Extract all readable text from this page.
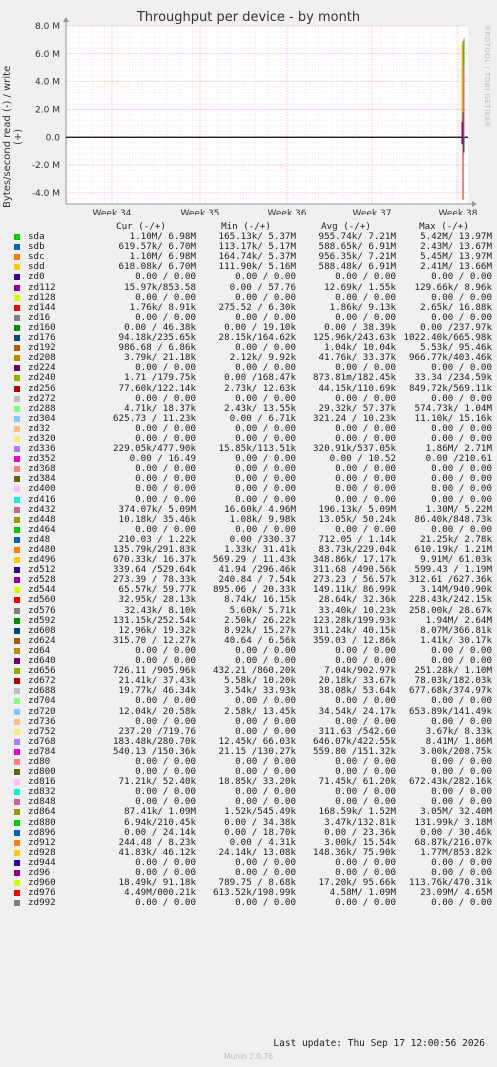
Throughput per device - by month
Bytes/second read (-) / write (+)
RRDTOOL / TOBI OETIKER
8.0 M
6.0 M
4.0 M
2.0 M
0.0
-2.0 M
-4.0 M
Week 34	Week 35	Week 36	Week 37	Week 38
Cur (-/+)	Min (-/+)	Avg (-/+)	Max (-/+)
sda	1.10M/ 6.98M	165.13k/ 5.37M	955.74k/ 7.21M	5.42M/ 13.97M
sdb	619.57k/ 6.70M	113.17k/ 5.17M	588.65k/ 6.91M	2.43M/ 13.67M
sdc	1.10M/ 6.98M	164.74k/ 5.37M	956.35k/ 7.21M	5.45M/ 13.97M
sdd	618.08k/ 6.70M	111.90k/ 5.16M	588.48k/ 6.91M	2.41M/ 13.66M
zd0	0.00 / 0.00	0.00 / 0.00	0.00 / 0.00	0.00 / 0.00
zd112	15.97k/853.58	0.00 / 57.76	12.69k/ 1.55k	129.66k/ 8.96k
zd128	0.00 / 0.00	0.00 / 0.00	0.00 / 0.00	0.00 / 0.00
zd144	1.76k/ 8.91k	275.52 / 6.30k	1.86k/ 9.13k	2.65k/ 16.88k
zd16	0.00 / 0.00	0.00 / 0.00	0.00 / 0.00	0.00 / 0.00
zd160	0.00 / 46.38k	0.00 / 19.10k	0.00 / 38.39k	0.00 /237.97k
zd176	94.18k/235.65k	28.15k/164.62k	125.96k/243.63k 1022.40k/665.98k
zd192	986.68 / 6.86k	0.00 / 0.00	1.04k/ 10.04k	5.53k/ 95.46k
zd208	3.79k/ 21.18k	2.12k/ 9.92k	41.76k/ 33.37k	966.77k/403.46k
zd224	0.00 / 0.00	0.00 / 0.00	0.00 / 0.00	0.00 / 0.00
zd240	1.71 /179.75k	0.00 /168.47k	873.81m/182.45k	33.34 /234.59k
zd256	77.60k/122.14k	2.73k/ 12.63k	44.15k/110.69k	849.72k/569.11k
zd272	0.00 / 0.00	0.00 / 0.00	0.00 / 0.00	0.00 / 0.00
zd288	4.71k/ 18.37k	2.43k/ 13.55k	29.32k/ 57.37k	574.73k/ 1.04M
zd304	625.73 / 11.23k	0.00 / 6.71k	321.24 / 10.23k	11.10k/ 15.16k
zd32	0.00 / 0.00	0.00 / 0.00	0.00 / 0.00	0.00 / 0.00
zd320	0.00 / 0.00	0.00 / 0.00	0.00 / 0.00	0.00 / 0.00
zd336	229.05k/477.90k	15.85k/113.51k	320.91k/537.05k	1.86M/ 2.71M
zd352	0.00 / 16.49	0.00 / 0.00	0.00 / 10.52	0.00 /210.61
zd368	0.00 / 0.00	0.00 / 0.00	0.00 / 0.00	0.00 / 0.00
zd384	0.00 / 0.00	0.00 / 0.00	0.00 / 0.00	0.00 / 0.00
zd400	0.00 / 0.00	0.00 / 0.00	0.00 / 0.00	0.00 / 0.00
zd416	0.00 / 0.00	0.00 / 0.00	0.00 / 0.00	0.00 / 0.00
zd432	374.07k/ 5.09M	16.60k/ 4.96M	196.13k/ 5.09M	1.30M/ 5.22M
zd448	10.18k/ 35.46k	1.08k/ 9.98k	13.05k/ 50.24k	86.40k/848.73k
zd464	0.00 / 0.00	0.00 / 0.00	0.00 / 0.00	0.00 / 0.00
zd48	210.03 / 1.22k	0.00 /330.37	712.05 / 1.14k	21.25k/ 2.78k
zd480	135.79k/291.83k	1.33k/ 31.41k	83.73k/229.04k	610.19k/ 1.21M
zd496	670.33k/ 16.37k	569.29 / 11.43k	348.86k/ 17.17k	9.91M/ 61.03k
zd512	339.64 /529.64k	41.94 /296.46k	311.68 /490.56k	599.43 / 1.19M
zd528	273.39 / 78.33k	240.84 / 7.54k	273.23 / 56.57k	312.61 /627.36k
zd544	65.57k/ 59.77k	895.06 / 20.33k	149.11k/ 86.99k	3.14M/940.90k
zd560	32.95k/ 28.13k	8.74k/ 16.15k	28.64k/ 32.36k	228.43k/242.15k
zd576	32.43k/ 8.10k	5.60k/ 5.71k	33.40k/ 10.23k	258.00k/ 28.67k
zd592	131.15k/252.54k	2.50k/ 26.22k	123.28k/199.93k	1.94M/ 2.64M
zd608	12.96k/ 19.32k	8.92k/ 15.27k	311.24k/ 40.15k	8.07M/366.81k
zd624	315.70 / 12.27k	40.64 / 6.56k	359.03 / 12.86k	1.41k/ 30.17k
zd64	0.00 / 0.00	0.00 / 0.00	0.00 / 0.00	0.00 / 0.00
zd640	0.00 / 0.00	0.00 / 0.00	0.00 / 0.00	0.00 / 0.00
zd656	726.11 /905.96k	432.21 /860.20k	7.04k/902.97k	251.28k/ 1.10M
zd672	21.41k/ 37.43k	5.58k/ 10.20k	20.18k/ 33.67k	78.03k/182.03k
zd688	19.77k/ 46.34k	3.54k/ 33.93k	38.08k/ 53.64k	677.68k/374.97k
zd704	0.00 / 0.00	0.00 / 0.00	0.00 / 0.00	0.00 / 0.00
zd720	12.04k/ 20.58k	2.58k/ 13.45k	34.54k/ 24.17k	653.89k/141.49k
zd736	0.00 / 0.00	0.00 / 0.00	0.00 / 0.00	0.00 / 0.00
zd752	237.20 /719.76	0.00 / 0.00	311.63 /542.60	3.67k/ 8.33k
zd768	183.48k/280.70k	12.45k/ 66.03k	646.07k/422.55k	8.41M/ 1.86M
zd784	540.13 /150.36k	21.15 /130.27k	559.80 /151.32k	3.00k/208.75k
zd80	0.00 / 0.00	0.00 / 0.00	0.00 / 0.00	0.00 / 0.00
zd800	0.00 / 0.00	0.00 / 0.00	0.00 / 0.00	0.00 / 0.00
zd816	71.21k/ 52.40k	18.85k/ 33.20k	71.45k/ 61.20k	672.43k/282.16k
zd832	0.00 / 0.00	0.00 / 0.00	0.00 / 0.00	0.00 / 0.00
zd848	0.00 / 0.00	0.00 / 0.00	0.00 / 0.00	0.00 / 0.00
zd864	87.41k/ 1.09M	1.52k/545.49k	168.59k/ 1.52M	3.05M/ 32.40M
zd880	6.94k/210.45k	0.00 / 34.38k	3.47k/132.81k	131.99k/ 3.18M
zd896	0.00 / 24.14k	0.00 / 18.70k	0.00 / 23.36k	0.00 / 30.46k
zd912	244.48 / 8.23k	0.00 / 4.31k	3.00k/ 15.54k	68.87k/216.07k
zd928	41.83k/ 46.12k	24.14k/ 13.08k	148.36k/ 75.90k	1.77M/853.82k
zd944	0.00 / 0.00	0.00 / 0.00	0.00 / 0.00	0.00 / 0.00
zd96	0.00 / 0.00	0.00 / 0.00	0.00 / 0.00	0.00 / 0.00
zd960	18.49k/ 91.18k	789.75 / 8.68k	17.20k/ 95.66k	113.76k/470.31k
zd976	4.49M/000.21k	613.52k/198.99k	4.58M/ 1.09M	23.09M/ 4.65M
zd992	0.00 / 0.00	0.00 / 0.00	0.00 / 0.00	0.00 / 0.00
Last update: Thu Sep 17 12:00:56 2026
Munin 2.0.76
